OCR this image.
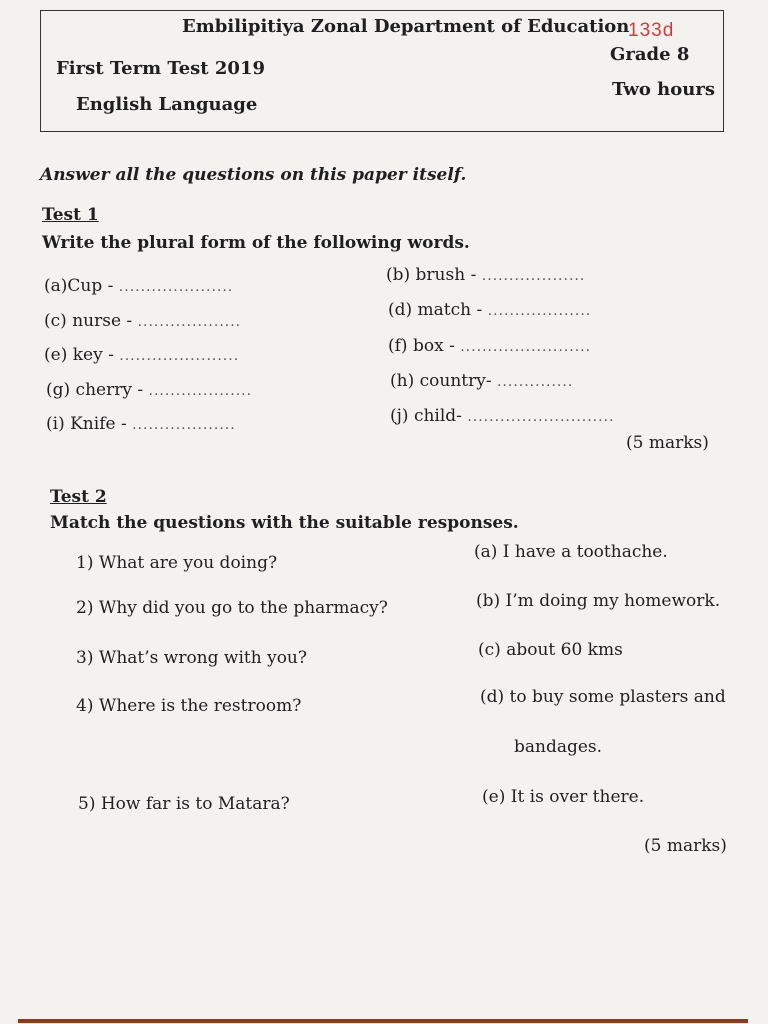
Embilipitiya Zonal Department of Education
133d
First Term Test 2019
Grade 8
English Language
Two hours
Answer all the questions on this paper itself.
Test 1
Write the plural form of the following words.
(a)Cup - .....................
(c) nurse - ...................
(e) key - ......................
(g) cherry - ...................
(i) Knife - ...................
(b) brush - ...................
(d) match - ...................
(f) box - ........................
(h) country- ..............
(j) child- ...........................
(5 marks)
Test 2
Match the questions with the suitable responses.
1) What are you doing?
2) Why did you go to the pharmacy?
3) What’s wrong with you?
4) Where is the restroom?
5) How far is to Matara?
(a) I have a toothache.
(b) I’m doing my homework.
(c) about 60 kms
(d) to buy some plasters and
bandages.
(e) It is over there.
(5 marks)
